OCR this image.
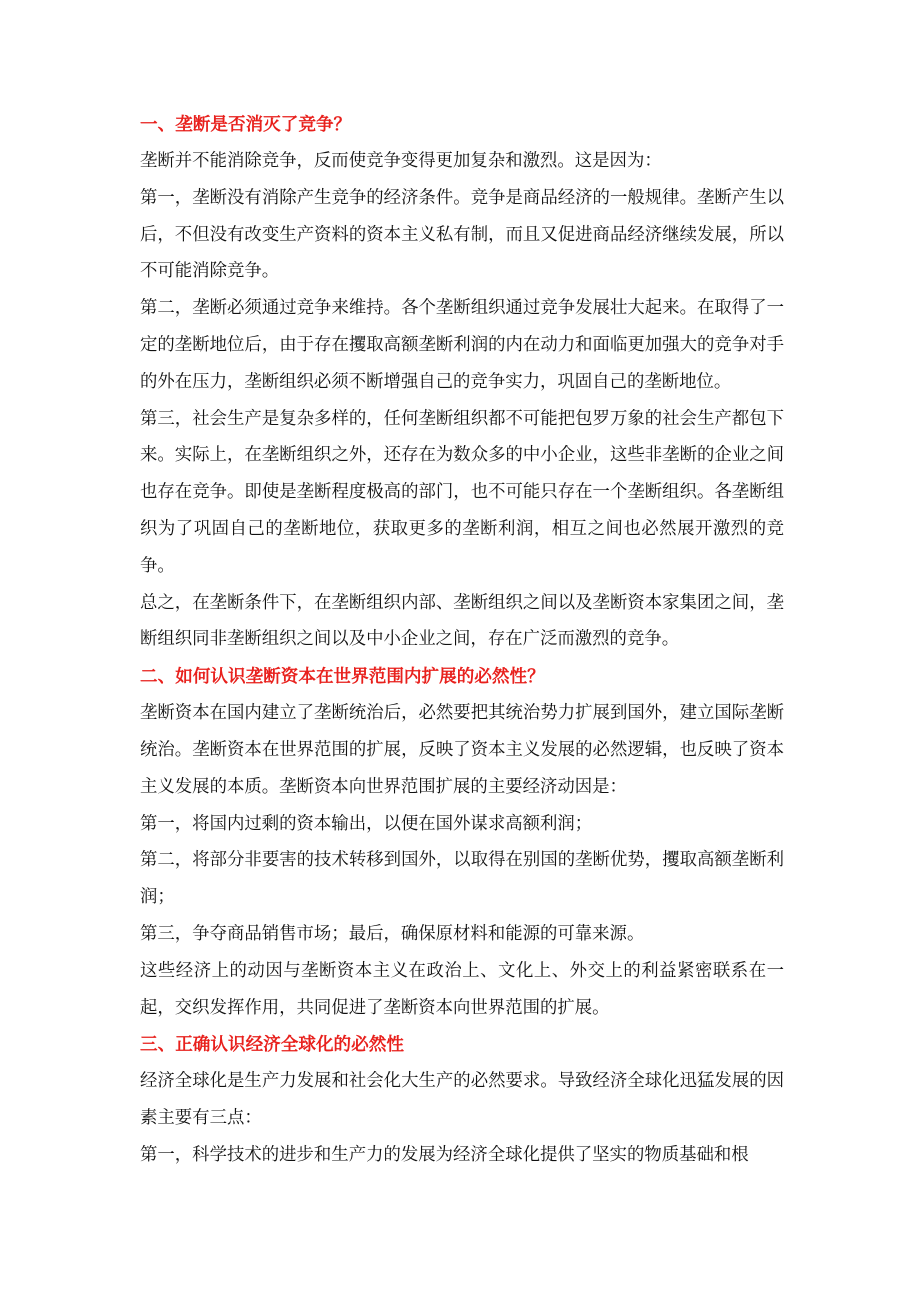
一、垄断是否消灭了竞争？

垄断并不能消除竞争，反而使竞争变得更加复杂和激烈。这是因为：

第一，垄断没有消除产生竞争的经济条件。竞争是商品经济的一般规律。垄断产生以后，不但没有改变生产资料的资本主义私有制，而且又促进商品经济继续发展，所以不可能消除竞争。

第二，垄断必须通过竞争来维持。各个垄断组织通过竞争发展壮大起来。在取得了一定的垄断地位后，由于存在攫取高额垄断利润的内在动力和面临更加强大的竞争对手的外在压力，垄断组织必须不断增强自己的竞争实力，巩固自己的垄断地位。

第三，社会生产是复杂多样的，任何垄断组织都不可能把包罗万象的社会生产都包下来。实际上，在垄断组织之外，还存在为数众多的中小企业，这些非垄断的企业之间也存在竞争。即使是垄断程度极高的部门，也不可能只存在一个垄断组织。各垄断组织为了巩固自己的垄断地位，获取更多的垄断利润，相互之间也必然展开激烈的竞争。

总之，在垄断条件下，在垄断组织内部、垄断组织之间以及垄断资本家集团之间，垄断组织同非垄断组织之间以及中小企业之间，存在广泛而激烈的竞争。

二、如何认识垄断资本在世界范围内扩展的必然性？

垄断资本在国内建立了垄断统治后，必然要把其统治势力扩展到国外，建立国际垄断统治。垄断资本在世界范围的扩展，反映了资本主义发展的必然逻辑，也反映了资本主义发展的本质。垄断资本向世界范围扩展的主要经济动因是：

第一，将国内过剩的资本输出，以便在国外谋求高额利润；

第二，将部分非要害的技术转移到国外，以取得在别国的垄断优势，攫取高额垄断利润；

第三，争夺商品销售市场；最后，确保原材料和能源的可靠来源。

这些经济上的动因与垄断资本主义在政治上、文化上、外交上的利益紧密联系在一起，交织发挥作用，共同促进了垄断资本向世界范围的扩展。

三、正确认识经济全球化的必然性

经济全球化是生产力发展和社会化大生产的必然要求。导致经济全球化迅猛发展的因素主要有三点：

第一，科学技术的进步和生产力的发展为经济全球化提供了坚实的物质基础和根
